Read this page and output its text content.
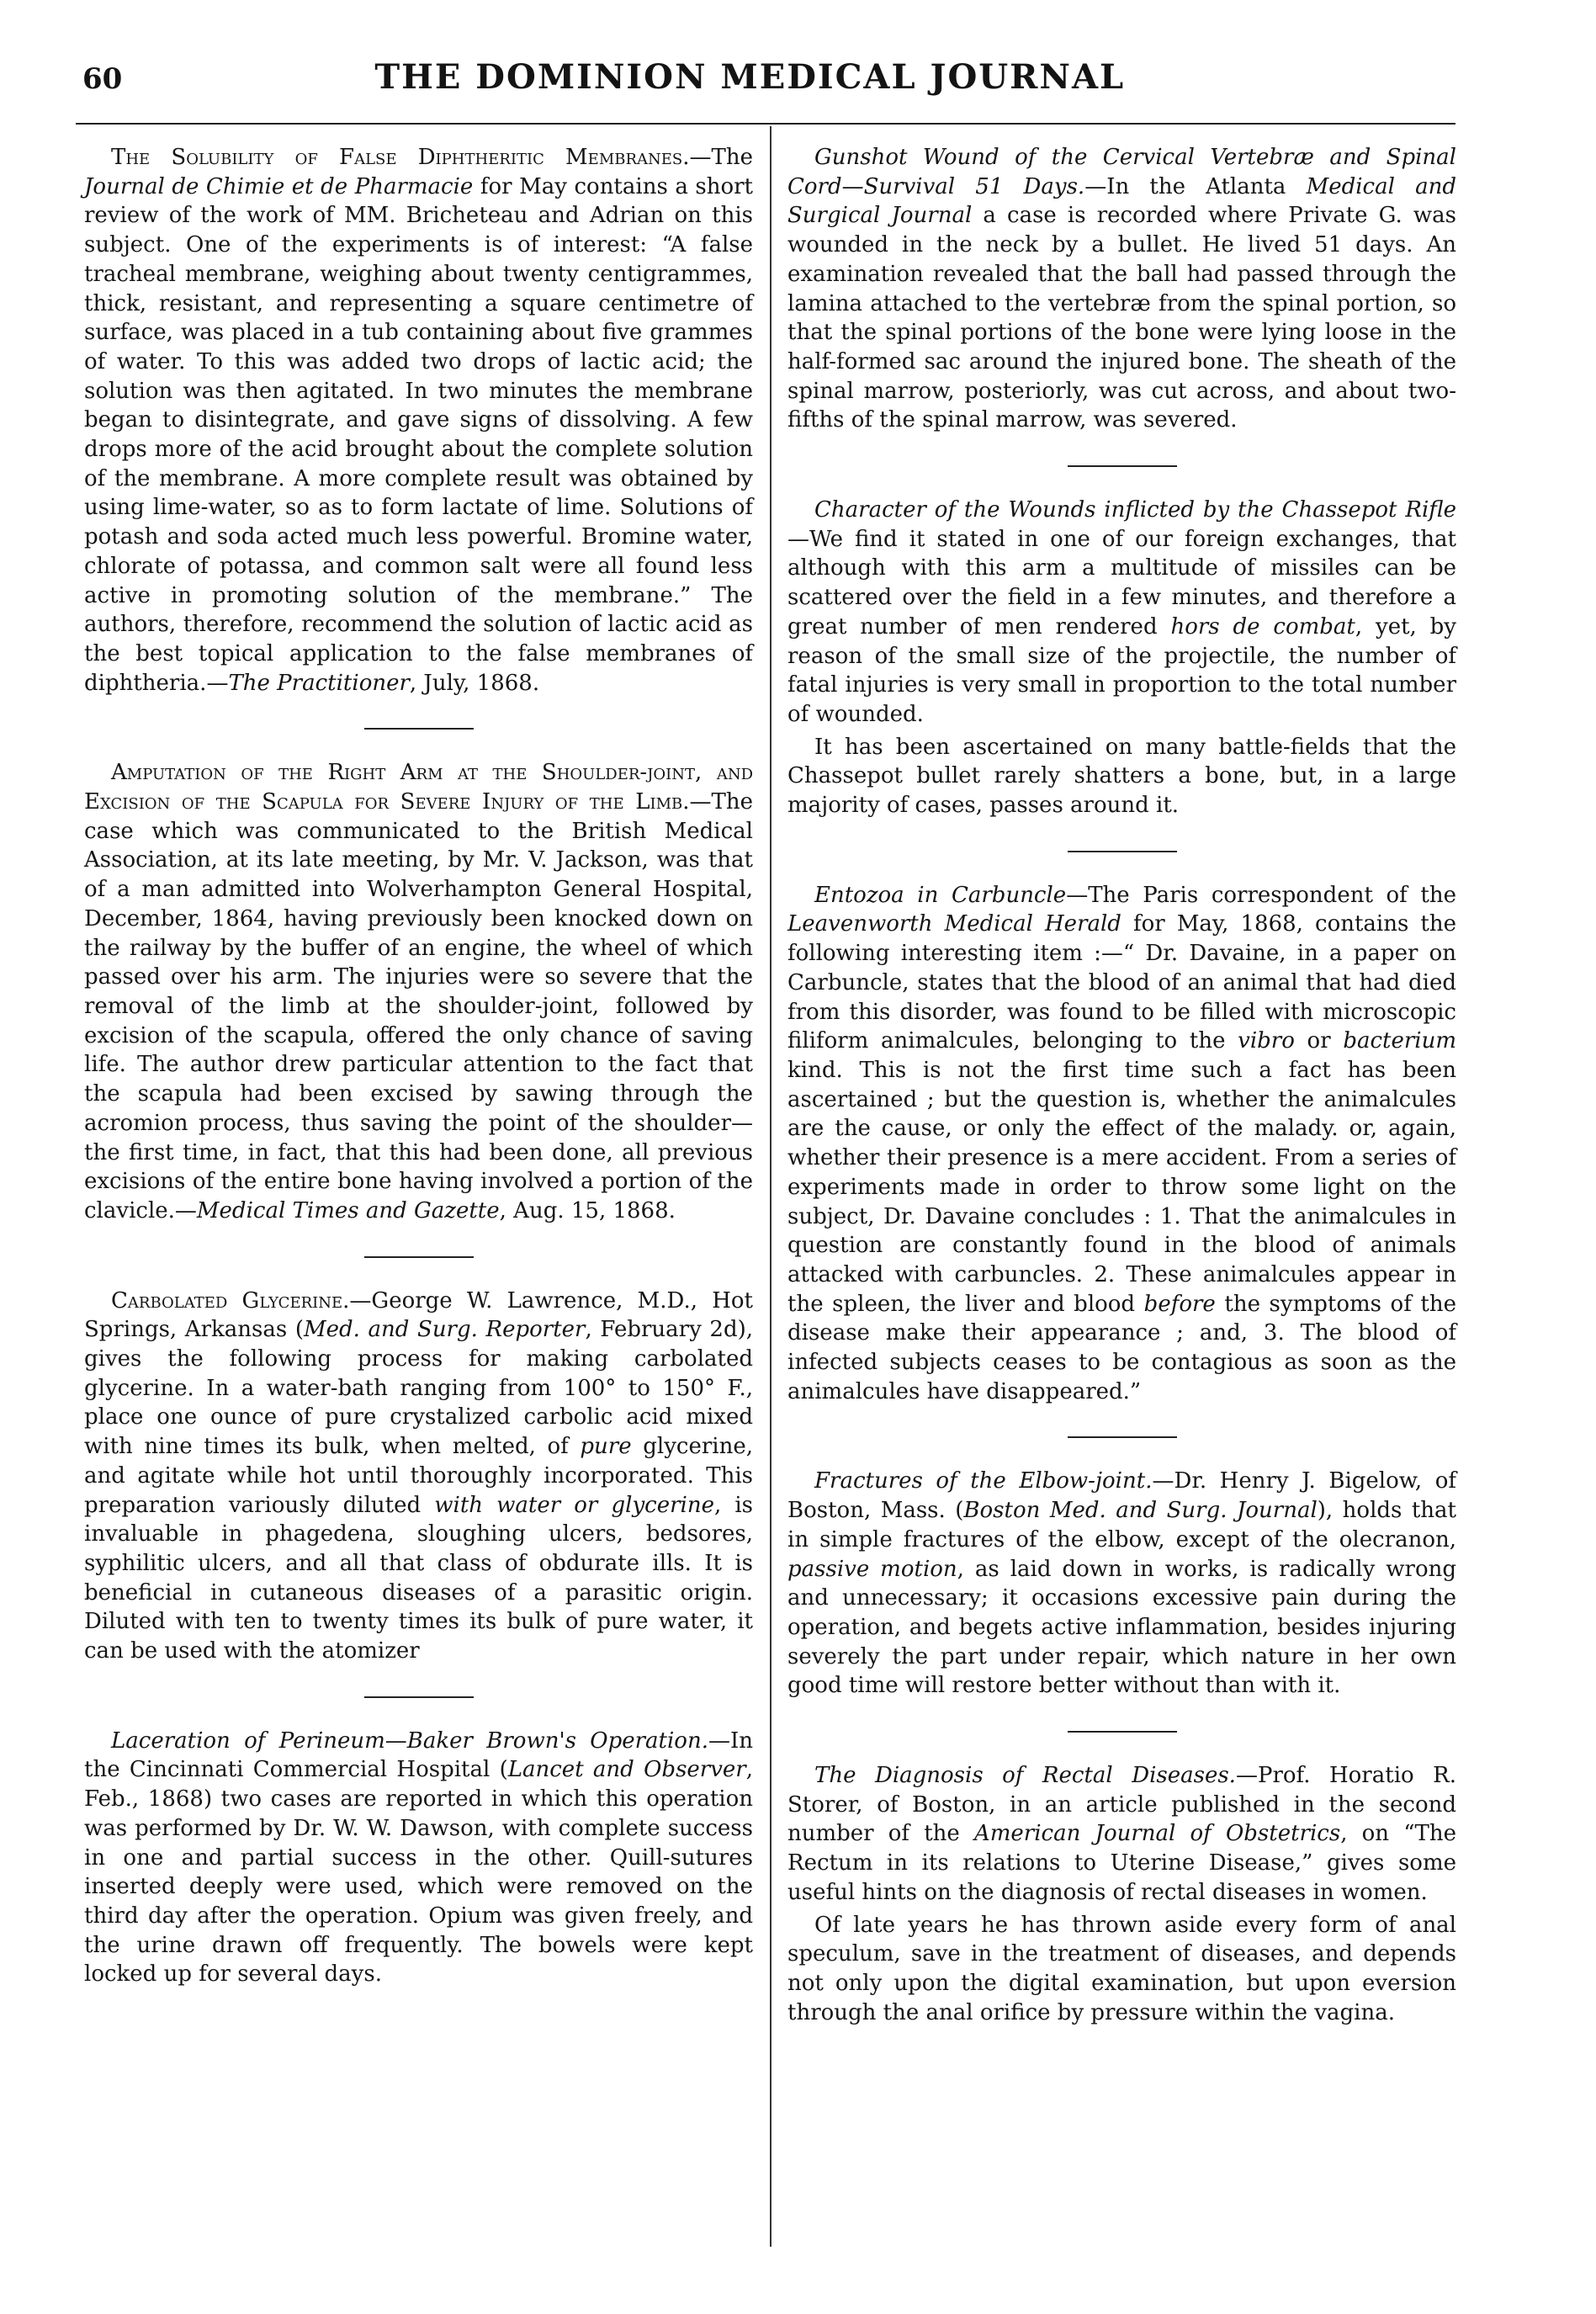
60	THE DOMINION MEDICAL JOURNAL

The Solubility of False Diphtheritic Membranes.—The Journal de Chimie et de Pharmacie for May contains a short review of the work of MM. Bricheteau and Adrian on this subject. One of the experiments is of interest: “A false tracheal membrane, weighing about twenty centigrammes, thick, resistant, and representing a square centimetre of surface, was placed in a tub containing about five grammes of water. To this was added two drops of lactic acid; the solution was then agitated. In two minutes the membrane began to disintegrate, and gave signs of dissolving. A few drops more of the acid brought about the complete solution of the membrane. A more complete result was obtained by using lime-water, so as to form lactate of lime. Solutions of potash and soda acted much less powerful. Bromine water, chlorate of potassa, and common salt were all found less active in promoting solution of the membrane.” The authors, therefore, recommend the solution of lactic acid as the best topical application to the false membranes of diphtheria.—The Practitioner, July, 1868.

Amputation of the Right Arm at the Shoulder-joint, and Excision of the Scapula for Severe Injury of the Limb.—The case which was communicated to the British Medical Association, at its late meeting, by Mr. V. Jackson, was that of a man admitted into Wolverhampton General Hospital, December, 1864, having previously been knocked down on the railway by the buffer of an engine, the wheel of which passed over his arm. The injuries were so severe that the removal of the limb at the shoulder-joint, followed by excision of the scapula, offered the only chance of saving life. The author drew particular attention to the fact that the scapula had been excised by sawing through the acromion process, thus saving the point of the shoulder—the first time, in fact, that this had been done, all previous excisions of the entire bone having involved a portion of the clavicle.—Medical Times and Gazette, Aug. 15, 1868.

Carbolated Glycerine.—George W. Lawrence, M.D., Hot Springs, Arkansas (Med. and Surg. Reporter, February 2d), gives the following process for making carbolated glycerine. In a water-bath ranging from 100° to 150° F., place one ounce of pure crystalized carbolic acid mixed with nine times its bulk, when melted, of pure glycerine, and agitate while hot until thoroughly incorporated. This preparation variously diluted with water or glycerine, is invaluable in phagedena, sloughing ulcers, bedsores, syphilitic ulcers, and all that class of obdurate ills. It is beneficial in cutaneous diseases of a parasitic origin. Diluted with ten to twenty times its bulk of pure water, it can be used with the atomizer

Laceration of Perineum—Baker Brown's Operation.—In the Cincinnati Commercial Hospital (Lancet and Observer, Feb., 1868) two cases are reported in which this operation was performed by Dr. W. W. Dawson, with complete success in one and partial success in the other. Quill-sutures inserted deeply were used, which were removed on the third day after the operation. Opium was given freely, and the urine drawn off frequently. The bowels were kept locked up for several days.

Gunshot Wound of the Cervical Vertebræ and Spinal Cord—Survival 51 Days.—In the Atlanta Medical and Surgical Journal a case is recorded where Private G. was wounded in the neck by a bullet. He lived 51 days. An examination revealed that the ball had passed through the lamina attached to the vertebræ from the spinal portion, so that the spinal portions of the bone were lying loose in the half-formed sac around the injured bone. The sheath of the spinal marrow, posteriorly, was cut across, and about two-fifths of the spinal marrow, was severed.

Character of the Wounds inflicted by the Chassepot Rifle—We find it stated in one of our foreign exchanges, that although with this arm a multitude of missiles can be scattered over the field in a few minutes, and therefore a great number of men rendered hors de combat, yet, by reason of the small size of the projectile, the number of fatal injuries is very small in proportion to the total number of wounded.

It has been ascertained on many battle-fields that the Chassepot bullet rarely shatters a bone, but, in a large majority of cases, passes around it.

Entozoa in Carbuncle—The Paris correspondent of the Leavenworth Medical Herald for May, 1868, contains the following interesting item :—“ Dr. Davaine, in a paper on Carbuncle, states that the blood of an animal that had died from this disorder, was found to be filled with microscopic filiform animalcules, belonging to the vibro or bacterium kind. This is not the first time such a fact has been ascertained ; but the question is, whether the animalcules are the cause, or only the effect of the malady. or, again, whether their presence is a mere accident. From a series of experiments made in order to throw some light on the subject, Dr. Davaine concludes : 1. That the animalcules in question are constantly found in the blood of animals attacked with carbuncles. 2. These animalcules appear in the spleen, the liver and blood before the symptoms of the disease make their appearance ; and, 3. The blood of infected subjects ceases to be contagious as soon as the animalcules have disappeared.”

Fractures of the Elbow-joint.—Dr. Henry J. Bigelow, of Boston, Mass. (Boston Med. and Surg. Journal), holds that in simple fractures of the elbow, except of the olecranon, passive motion, as laid down in works, is radically wrong and unnecessary; it occasions excessive pain during the operation, and begets active inflammation, besides injuring severely the part under repair, which nature in her own good time will restore better without than with it.

The Diagnosis of Rectal Diseases.—Prof. Horatio R. Storer, of Boston, in an article published in the second number of the American Journal of Obstetrics, on “The Rectum in its relations to Uterine Disease,” gives some useful hints on the diagnosis of rectal diseases in women.

Of late years he has thrown aside every form of anal speculum, save in the treatment of diseases, and depends not only upon the digital examination, but upon eversion through the anal orifice by pressure within the vagina.
